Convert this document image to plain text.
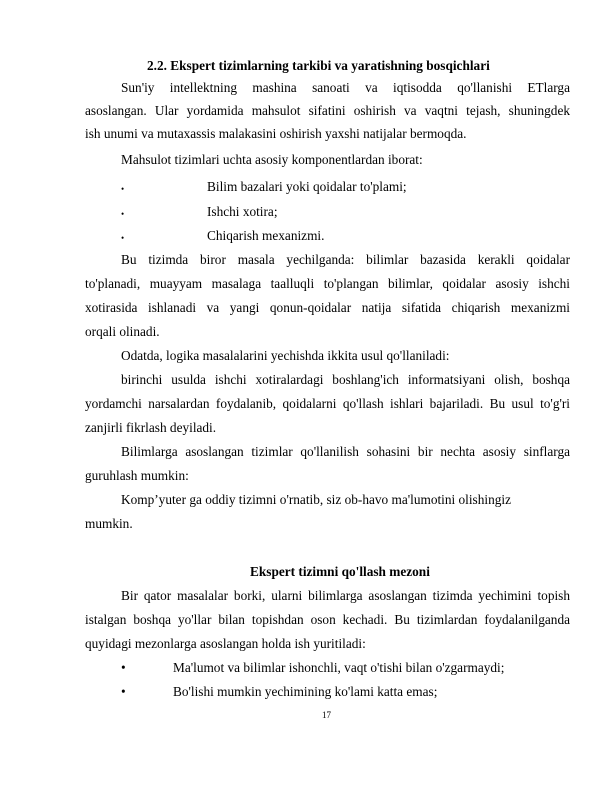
2.2. Ekspert tizimlarning tarkibi va yaratishning bosqichlari
Sun'iy intellektning mashina sanoati va iqtisodda qo'llanishi ETlarga
asoslangan. Ular yordamida mahsulot sifatini oshirish va vaqtni tejash, shuningdek
ish unumi va mutaxassis malakasini oshirish yaxshi natijalar bermoqda.
Mahsulot tizimlari uchta asosiy komponentlardan iborat:
•	Bilim bazalari yoki qoidalar to'plami;
•	Ishchi xotira;
•	Chiqarish mexanizmi.
Bu tizimda biror masala yechilganda: bilimlar bazasida kerakli qoidalar
to'planadi, muayyam masalaga taalluqli to'plangan bilimlar, qoidalar asosiy ishchi
xotirasida ishlanadi va yangi qonun-qoidalar natija sifatida chiqarish mexanizmi
orqali olinadi.
Odatda, logika masalalarini yechishda ikkita usul qo'llaniladi:
birinchi usulda ishchi xotiralardagi boshlang'ich informatsiyani olish, boshqa
yordamchi narsalardan foydalanib, qoidalarni qo'llash ishlari bajariladi. Bu usul to'g'ri
zanjirli fikrlash deyiladi.
Bilimlarga asoslangan tizimlar qo'llanilish sohasini bir nechta asosiy sinflarga
guruhlash mumkin:
Komp’yuter ga oddiy tizimni o'rnatib, siz ob-havo ma'lumotini olishingiz
mumkin.
Ekspert tizimni qo'llash mezoni
Bir qator masalalar borki, ularni bilimlarga asoslangan tizimda yechimini topish
istalgan boshqa yo'llar bilan topishdan oson kechadi. Bu tizimlardan foydalanilganda
quyidagi mezonlarga asoslangan holda ish yuritiladi:
•	Ma'lumot va bilimlar ishonchli, vaqt o'tishi bilan o'zgarmaydi;
•	Bo'lishi mumkin yechimining ko'lami katta emas;
17
